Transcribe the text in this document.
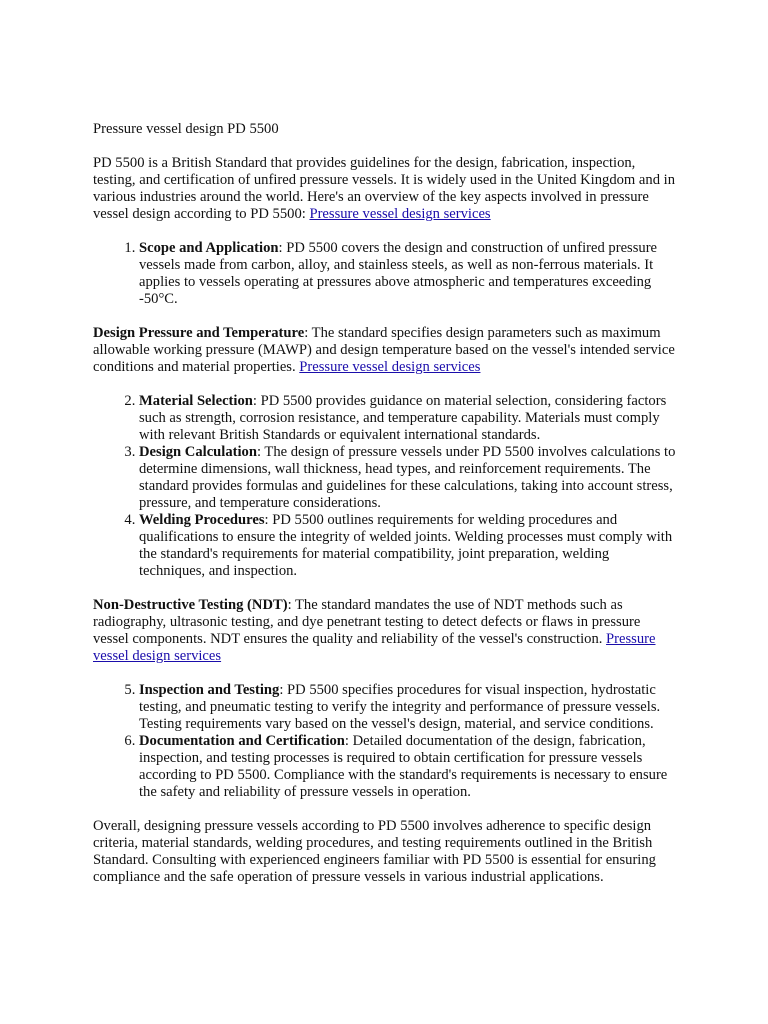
Pressure vessel design PD 5500

PD 5500 is a British Standard that provides guidelines for the design, fabrication, inspection, testing, and certification of unfired pressure vessels. It is widely used in the United Kingdom and in various industries around the world. Here's an overview of the key aspects involved in pressure vessel design according to PD 5500: Pressure vessel design services

1. Scope and Application: PD 5500 covers the design and construction of unfired pressure vessels made from carbon, alloy, and stainless steels, as well as non-ferrous materials. It applies to vessels operating at pressures above atmospheric and temperatures exceeding -50°C.

Design Pressure and Temperature: The standard specifies design parameters such as maximum allowable working pressure (MAWP) and design temperature based on the vessel's intended service conditions and material properties. Pressure vessel design services

2. Material Selection: PD 5500 provides guidance on material selection, considering factors such as strength, corrosion resistance, and temperature capability. Materials must comply with relevant British Standards or equivalent international standards.
3. Design Calculation: The design of pressure vessels under PD 5500 involves calculations to determine dimensions, wall thickness, head types, and reinforcement requirements. The standard provides formulas and guidelines for these calculations, taking into account stress, pressure, and temperature considerations.
4. Welding Procedures: PD 5500 outlines requirements for welding procedures and qualifications to ensure the integrity of welded joints. Welding processes must comply with the standard's requirements for material compatibility, joint preparation, welding techniques, and inspection.

Non-Destructive Testing (NDT): The standard mandates the use of NDT methods such as radiography, ultrasonic testing, and dye penetrant testing to detect defects or flaws in pressure vessel components. NDT ensures the quality and reliability of the vessel's construction. Pressure vessel design services

5. Inspection and Testing: PD 5500 specifies procedures for visual inspection, hydrostatic testing, and pneumatic testing to verify the integrity and performance of pressure vessels. Testing requirements vary based on the vessel's design, material, and service conditions.
6. Documentation and Certification: Detailed documentation of the design, fabrication, inspection, and testing processes is required to obtain certification for pressure vessels according to PD 5500. Compliance with the standard's requirements is necessary to ensure the safety and reliability of pressure vessels in operation.

Overall, designing pressure vessels according to PD 5500 involves adherence to specific design criteria, material standards, welding procedures, and testing requirements outlined in the British Standard. Consulting with experienced engineers familiar with PD 5500 is essential for ensuring compliance and the safe operation of pressure vessels in various industrial applications.
